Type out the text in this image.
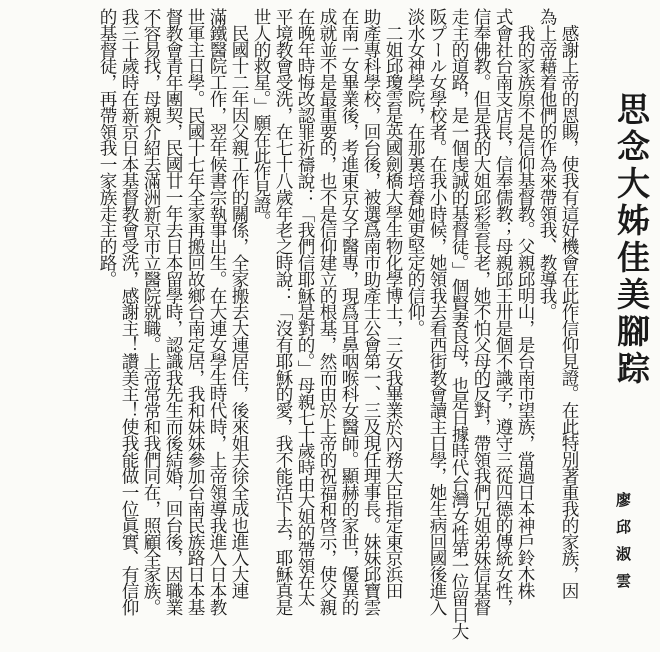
思念大姊佳美腳踪
廖邱淑雲
　感謝上帝的恩賜，使我有這好機會在此作信仰見證。在此特別著重我的家族，因
為上帝藉着他們的作為來帶領我、教導我。
　我的家族原不是信仰基督教。父親邱明山，是台南市望族，當過日本神戶鈴木株
式會社台南支店長，信奉儒教；母親邱王卅是個不識字，遵守三從四德的傳統女性，
信奉佛教。但是我的大姐邱彩雲長老，她不怕父母的反對，帶領我們兄姐弟妹信基督
走主的道路，是一個虔誠的基督徒。」個賢妻良母，也是日據時代台灣女性第一位留日大
阪プール女學校者。在我小時候，她領我去看西街教會讀主日學，她生病回國後進入
淡水女神學院，在那裏培養她更堅定的信仰。
　二姐邱瓊雲是英國劍橋大學生物化學博士，三女我畢業於內務大臣指定東京浜田
助產專科學校，回台後，被選爲南市助產士公會第一、三及現任理事長。妹妹邱寶雲
在南一女畢業後，考進東京女子醫專，現爲耳鼻咽喉科女醫師。顯赫的家世，優異的
成就並不是最重要的，也不是信仰建立的根基，然而由於上帝的祝福和啓示，使父親
在晚年時悔改認罪祈禱說：「我們信耶穌是對的。」母親七十歲時由大姐的帶領在太
平境教會受洗，在七十八歲年老之時說：「沒有耶穌的愛，我不能活下去，耶穌真是
世人的救星。」願在此作見證。
　民國十二年因父親工作的關係，全家搬去大連居住，後來姐夫徐全成也進入大連
滿鐵醫院工作，翌年候書宗執事出生。在大連女學生時代時，上帝領導我進入日本教
世軍主日學。民國十七年全家再搬回故鄉台南定居，我和妹妹參加台南民族路日本基
督教會青年團契，民國廿一年去日本留學時，認識我先生而後結婚，回台後，因職業
不容易找，母親介紹去滿洲新京市立醫院就職。上帝常常和我們同在，照顧全家族。
我三十歲時在新京日本基督教會受洗，感謝主！讚美主！使我能做一位眞實、有信仰
的基督徒，再帶領我一家族走主的路。
